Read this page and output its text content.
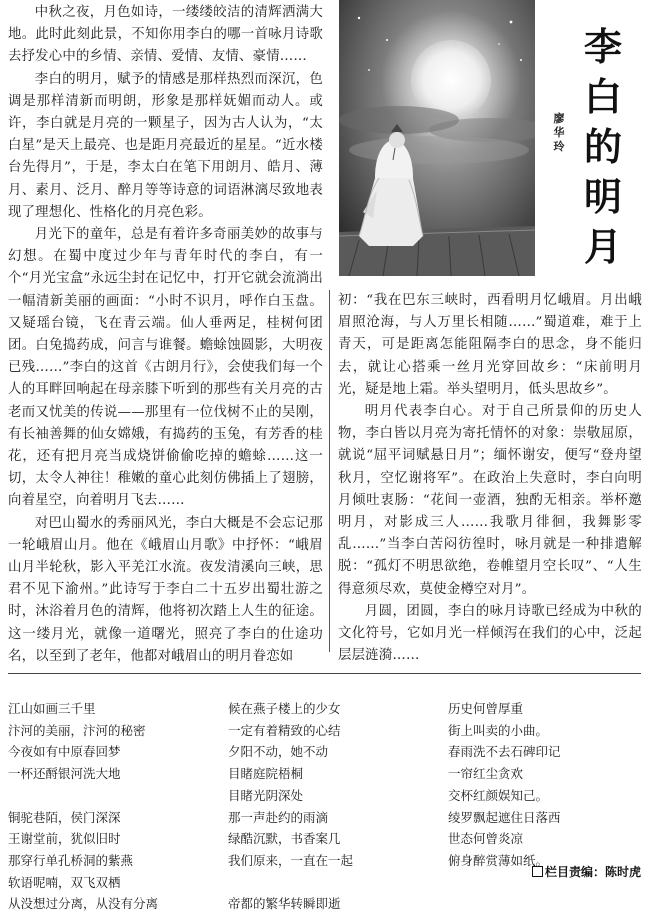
中秋之夜，月色如诗，一缕缕皎洁的清辉洒满大地。此时此刻此景，不知你用李白的哪一首咏月诗歌去抒发心中的乡情、亲情、爱情、友情、豪情……

李白的明月，赋予的情感是那样热烈而深沉，色调是那样清新而明朗，形象是那样妩媚而动人。或许，李白就是月亮的一颗星子，因为古人认为，“太白星”是天上最亮、也是距月亮最近的星星。“近水楼台先得月”，于是，李太白在笔下用朗月、皓月、薄月、素月、泛月、醉月等等诗意的词语淋漓尽致地表现了理想化、性格化的月亮色彩。

月光下的童年，总是有着许多奇丽美妙的故事与幻想。在蜀中度过少年与青年时代的李白，有一个“月光宝盒”永远尘封在记忆中，打开它就会流淌出一幅清新美丽的画面：“小时不识月，呼作白玉盘。又疑瑶台镜，飞在青云端。仙人垂两足，桂树何团团。白兔捣药成，问言与谁餐。蟾蜍蚀圆影，大明夜已残……”李白的这首《古朗月行》，会使我们每一个人的耳畔回响起在母亲膝下听到的那些有关月亮的古老而又忧美的传说——那里有一位伐树不止的吴刚，有长袖善舞的仙女嫦娥，有捣药的玉兔，有芳香的桂花，还有把月亮当成烧饼偷偷吃掉的蟾蜍……这一切，太令人神往！稚嫩的童心此刻仿佛插上了翅膀，向着星空，向着明月飞去……

对巴山蜀水的秀丽风光，李白大概是不会忘记那一轮峨眉山月。他在《峨眉山月歌》中抒怀：“峨眉山月半轮秋，影入平羌江水流。夜发清溪向三峡，思君不见下渝州。”此诗写于李白二十五岁出蜀壮游之时，沐浴着月色的清辉，他将初次踏上人生的征途。这一缕月光，就像一道曙光，照亮了李白的仕途功名，以至到了老年，他都对峨眉山的明月眷恋如

李
白
的
明
月
廖
华
玲

初：“我在巴东三峡时，西看明月忆峨眉。月出峨眉照沧海，与人万里长相随……”蜀道难，难于上青天，可是距离怎能阻隔李白的思念，身不能归去，就让心搭乘一丝月光穿回故乡：“床前明月光，疑是地上霜。举头望明月，低头思故乡”。

明月代表李白心。对于自己所景仰的历史人物，李白皆以月亮为寄托情怀的对象：崇敬屈原，就说“屈平词赋悬日月”；缅怀谢安，便写“登舟望秋月，空忆谢将军”。在政治上失意时，李白向明月倾吐衷肠：“花间一壶酒，独酌无相亲。举杯邀明月，对影成三人……我歌月徘徊，我舞影零乱……”当李白苦闷彷徨时，咏月就是一种排遣解脱：“孤灯不明思欲绝，卷帷望月空长叹”、“人生得意须尽欢，莫使金樽空对月”。

月圆，团圆，李白的咏月诗歌已经成为中秋的文化符号，它如月光一样倾泻在我们的心中，泛起层层涟漪……

江山如画三千里
汴河的美丽，汴河的秘密
今夜如有中原春回梦
一杯还酹银河洗大地
铜驼巷陌，侯门深深
王谢堂前，犹似旧时
那穿行单孔桥洞的紫燕
软语呢喃，双飞双栖
从没想过分离，从没有分离
候在燕子楼上的少女
一定有着精致的心结
夕阳不动，她不动
目睹庭院梧桐
目睹光阴深处
那一声赴约的雨滴
绿酷沉默，书香案几
我们原来，一直在一起
帝都的繁华转瞬即逝
历史何曾厚重
街上叫卖的小曲。
春雨洗不去石碑印记
一帘红尘贪欢
交杯红颜娱知己。
绫罗飘起遮住日落西
世态何曾炎凉
俯身醉赏薄如纸。
栏目责编：陈时虎
